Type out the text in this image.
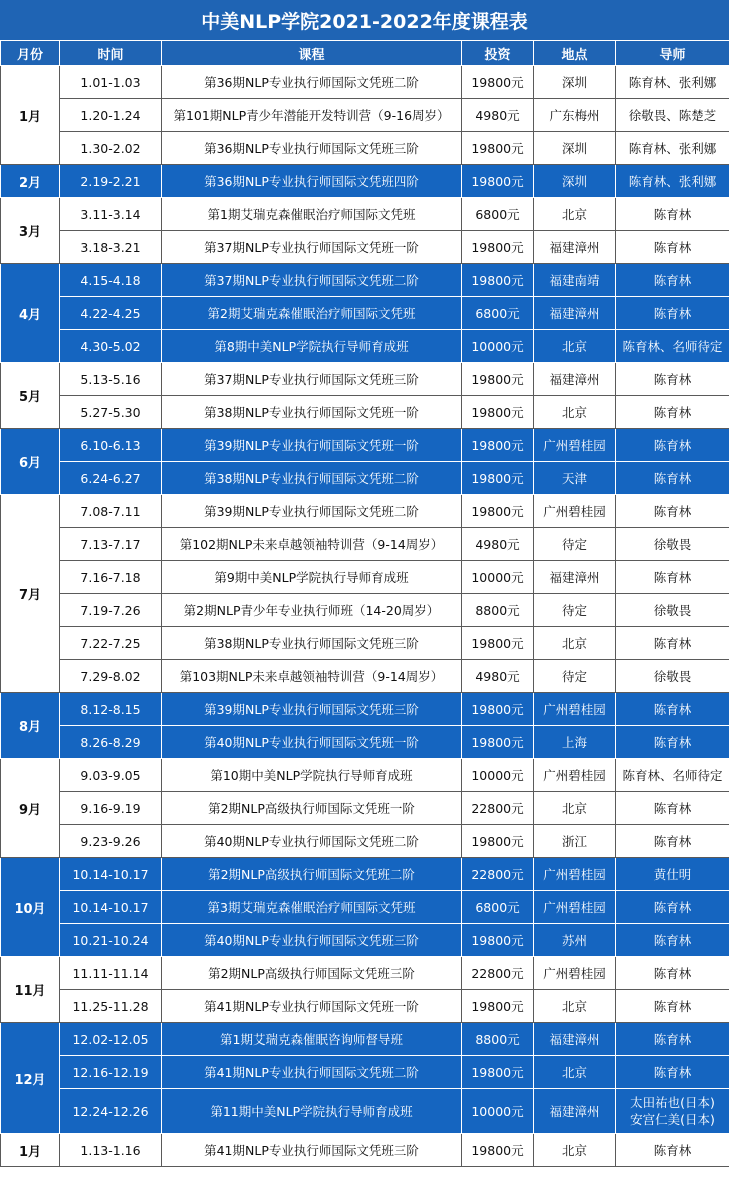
中美NLP学院2021-2022年度课程表
月份	时间	课程	投资	地点	导师
1月	1.01-1.03	第36期NLP专业执行师国际文凭班二阶	19800元	深圳	陈育林、张利娜
	1.20-1.24	第101期NLP青少年潜能开发特训营（9-16周岁）	4980元	广东梅州	徐敬畏、陈楚芝
	1.30-2.02	第36期NLP专业执行师国际文凭班三阶	19800元	深圳	陈育林、张利娜
2月	2.19-2.21	第36期NLP专业执行师国际文凭班四阶	19800元	深圳	陈育林、张利娜
3月	3.11-3.14	第1期艾瑞克森催眠治疗师国际文凭班	6800元	北京	陈育林
	3.18-3.21	第37期NLP专业执行师国际文凭班一阶	19800元	福建漳州	陈育林
4月	4.15-4.18	第37期NLP专业执行师国际文凭班二阶	19800元	福建南靖	陈育林
	4.22-4.25	第2期艾瑞克森催眠治疗师国际文凭班	6800元	福建漳州	陈育林
	4.30-5.02	第8期中美NLP学院执行导师育成班	10000元	北京	陈育林、名师待定
5月	5.13-5.16	第37期NLP专业执行师国际文凭班三阶	19800元	福建漳州	陈育林
	5.27-5.30	第38期NLP专业执行师国际文凭班一阶	19800元	北京	陈育林
6月	6.10-6.13	第39期NLP专业执行师国际文凭班一阶	19800元	广州碧桂园	陈育林
	6.24-6.27	第38期NLP专业执行师国际文凭班二阶	19800元	天津	陈育林
7月	7.08-7.11	第39期NLP专业执行师国际文凭班二阶	19800元	广州碧桂园	陈育林
	7.13-7.17	第102期NLP未来卓越领袖特训营（9-14周岁）	4980元	待定	徐敬畏
	7.16-7.18	第9期中美NLP学院执行导师育成班	10000元	福建漳州	陈育林
	7.19-7.26	第2期NLP青少年专业执行师班（14-20周岁）	8800元	待定	徐敬畏
	7.22-7.25	第38期NLP专业执行师国际文凭班三阶	19800元	北京	陈育林
	7.29-8.02	第103期NLP未来卓越领袖特训营（9-14周岁）	4980元	待定	徐敬畏
8月	8.12-8.15	第39期NLP专业执行师国际文凭班三阶	19800元	广州碧桂园	陈育林
	8.26-8.29	第40期NLP专业执行师国际文凭班一阶	19800元	上海	陈育林
9月	9.03-9.05	第10期中美NLP学院执行导师育成班	10000元	广州碧桂园	陈育林、名师待定
	9.16-9.19	第2期NLP高级执行师国际文凭班一阶	22800元	北京	陈育林
	9.23-9.26	第40期NLP专业执行师国际文凭班二阶	19800元	浙江	陈育林
10月	10.14-10.17	第2期NLP高级执行师国际文凭班二阶	22800元	广州碧桂园	黄仕明
	10.14-10.17	第3期艾瑞克森催眠治疗师国际文凭班	6800元	广州碧桂园	陈育林
	10.21-10.24	第40期NLP专业执行师国际文凭班三阶	19800元	苏州	陈育林
11月	11.11-11.14	第2期NLP高级执行师国际文凭班三阶	22800元	广州碧桂园	陈育林
	11.25-11.28	第41期NLP专业执行师国际文凭班一阶	19800元	北京	陈育林
12月	12.02-12.05	第1期艾瑞克森催眠咨询师督导班	8800元	福建漳州	陈育林
	12.16-12.19	第41期NLP专业执行师国际文凭班二阶	19800元	北京	陈育林
	12.24-12.26	第11期中美NLP学院执行导师育成班	10000元	福建漳州	太田祐也(日本)
安宫仁美(日本)
1月	1.13-1.16	第41期NLP专业执行师国际文凭班三阶	19800元	北京	陈育林
